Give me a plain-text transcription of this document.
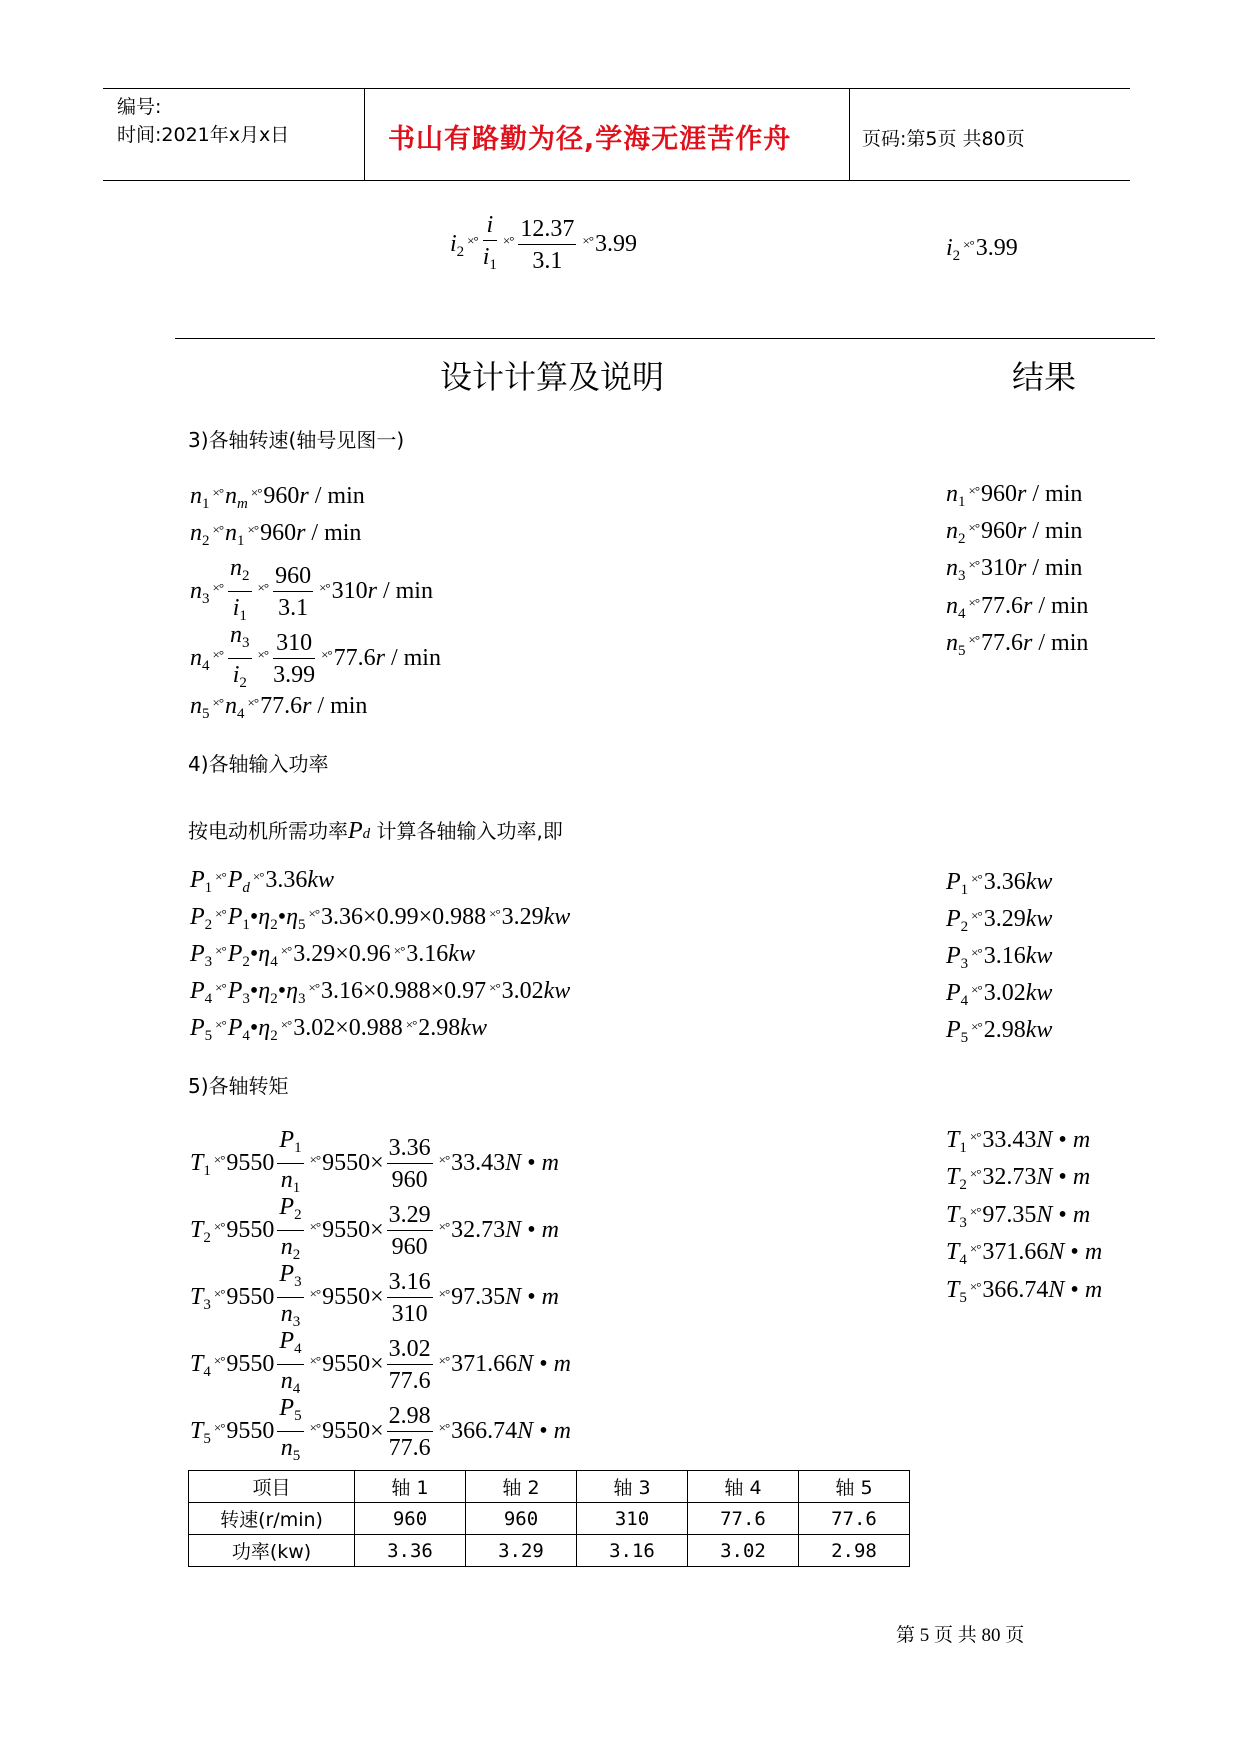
编号:
时间:2021年x月x日	书山有路勤为径,学海无涯苦作舟	页码:第5页 共80页
$i_2^{\times^\circ} \frac{i}{i_1} ^{\times^\circ} \frac{12.37}{3.1} ^{\times^\circ}3.99$	$i_2^{\times^\circ}3.99$
设计计算及说明	结果
3)各轴转速(轴号见图一)
$n_1^{\times^\circ}n_m^{\times^\circ}960r$ / min
$n_2^{\times^\circ}n_1^{\times^\circ}960r$ / min
$n_3^{\times^\circ} \frac{n_2}{i_1} ^{\times^\circ} \frac{960}{3.1} ^{\times^\circ}310r$ / min
$n_4^{\times^\circ} \frac{n_3}{i_2} ^{\times^\circ} \frac{310}{3.99} ^{\times^\circ}77.6r$ / min
$n_5^{\times^\circ}n_4^{\times^\circ}77.6r$ / min
$n_1^{\times^\circ}960r$ / min
$n_2^{\times^\circ}960r$ / min
$n_3^{\times^\circ}310r$ / min
$n_4^{\times^\circ}77.6r$ / min
$n_5^{\times^\circ}77.6r$ / min
4)各轴输入功率
按电动机所需功率Pd 计算各轴输入功率,即
$P_1^{\times^\circ}P_d^{\times^\circ}3.36kw$
$P_2^{\times^\circ}P_1•\eta_2•\eta_5^{\times^\circ}3.36\times 0.99\times 0.988$ ×°3.29kw
$P_3^{\times^\circ}P_2•\eta_4^{\times^\circ}3.29\times 0.96$ ×°3.16kw
$P_4^{\times^\circ}P_3•\eta_2•\eta_3^{\times^\circ}3.16\times 0.988\times 0.97$ ×°3.02kw
$P_5^{\times^\circ}P_4•\eta_2^{\times^\circ}3.02\times 0.988$ ×°2.98kw
$P_1^{\times^\circ}3.36kw$
$P_2^{\times^\circ}3.29kw$
$P_3^{\times^\circ}3.16kw$
$P_4^{\times^\circ}3.02kw$
$P_5^{\times^\circ}2.98kw$
5)各轴转矩
$T_1^{\times^\circ}9550 \frac{P_1}{n_1} ^{\times^\circ}9550\times \frac{3.36}{960} ^{\times^\circ}33.43N$ • m
$T_2^{\times^\circ}9550 \frac{P_2}{n_2} ^{\times^\circ}9550\times \frac{3.29}{960} ^{\times^\circ}32.73N$ • m
$T_3^{\times^\circ}9550 \frac{P_3}{n_3} ^{\times^\circ}9550\times \frac{3.16}{310} ^{\times^\circ}97.35N$ • m
$T_4^{\times^\circ}9550 \frac{P_4}{n_4} ^{\times^\circ}9550\times \frac{3.02}{77.6} ^{\times^\circ}371.66N$ • m
$T_5^{\times^\circ}9550 \frac{P_5}{n_5} ^{\times^\circ}9550\times \frac{2.98}{77.6} ^{\times^\circ}366.74N$ • m
$T_1^{\times^\circ}33.43N$ • m
$T_2^{\times^\circ}32.73N$ • m
$T_3^{\times^\circ}97.35N$ • m
$T_4^{\times^\circ}371.66N$ • m
$T_5^{\times^\circ}366.74N$ • m
项目	轴 1	轴 2	轴 3	轴 4	轴 5
转速(r/min)	960	960	310	77.6	77.6
功率(kw)	3.36	3.29	3.16	3.02	2.98
第 5 页 共 80 页
